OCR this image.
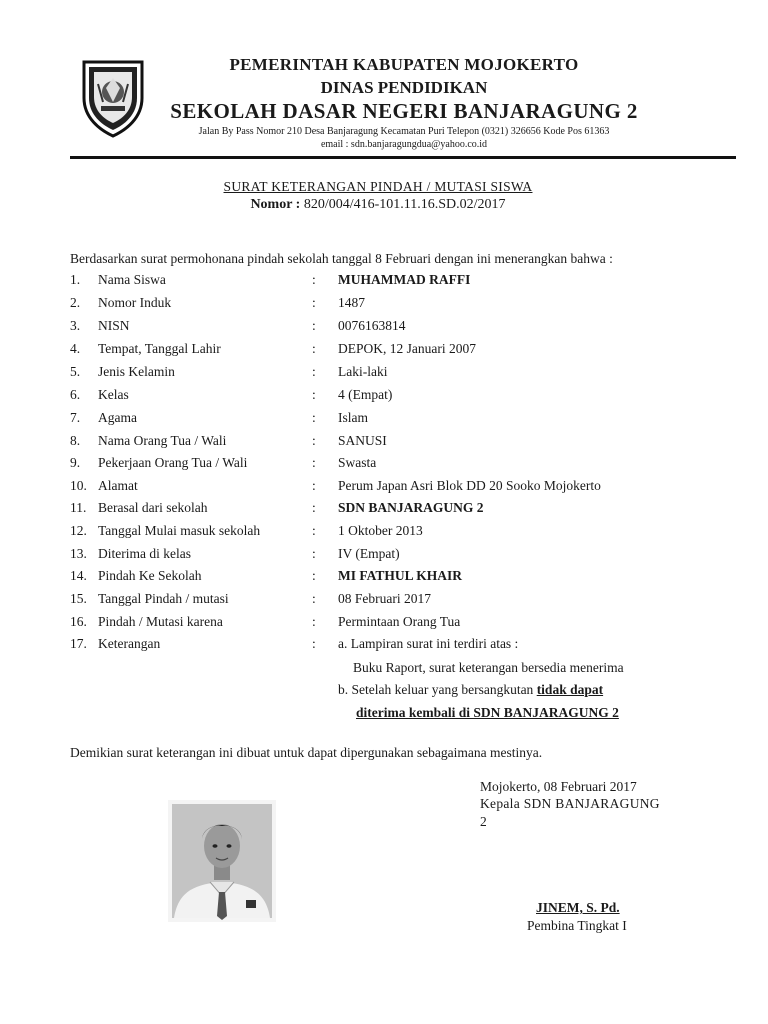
PEMERINTAH KABUPATEN MOJOKERTO
DINAS PENDIDIKAN
SEKOLAH DASAR NEGERI BANJARAGUNG 2
Jalan By Pass Nomor 210 Desa Banjaragung Kecamatan Puri Telepon (0321) 326656 Kode Pos 61363
email : sdn.banjaragungdua@yahoo.co.id
SURAT KETERANGAN PINDAH / MUTASI SISWA
Nomor : 820/004/416-101.11.16.SD.02/2017
Berdasarkan surat permohonana pindah sekolah tanggal 8 Februari dengan ini menerangkan bahwa :
1. Nama Siswa	: MUHAMMAD RAFFI
2. Nomor Induk	: 1487
3. NISN	: 0076163814
4. Tempat, Tanggal Lahir	: DEPOK, 12 Januari 2007
5. Jenis Kelamin	: Laki-laki
6. Kelas	: 4 (Empat)
7. Agama	: Islam
8. Nama Orang Tua / Wali	: SANUSI
9. Pekerjaan Orang Tua / Wali	: Swasta
10. Alamat	: Perum Japan Asri Blok DD 20 Sooko Mojokerto
11. Berasal dari sekolah	: SDN BANJARAGUNG 2
12. Tanggal Mulai masuk sekolah	: 1 Oktober 2013
13. Diterima di kelas	: IV (Empat)
14. Pindah Ke Sekolah	: MI FATHUL KHAIR
15. Tanggal Pindah / mutasi	: 08 Februari 2017
16. Pindah / Mutasi karena	: Permintaan Orang Tua
17. Keterangan	: a. Lampiran surat ini terdiri atas :
Buku Raport, surat keterangan bersedia menerima
b. Setelah keluar yang bersangkutan tidak dapat
diterima kembali di SDN BANJARAGUNG 2
Demikian surat keterangan ini dibuat untuk dapat dipergunakan sebagaimana mestinya.
Mojokerto, 08 Februari 2017
Kepala SDN BANJARAGUNG
2
JINEM, S. Pd.
Pembina Tingkat I
